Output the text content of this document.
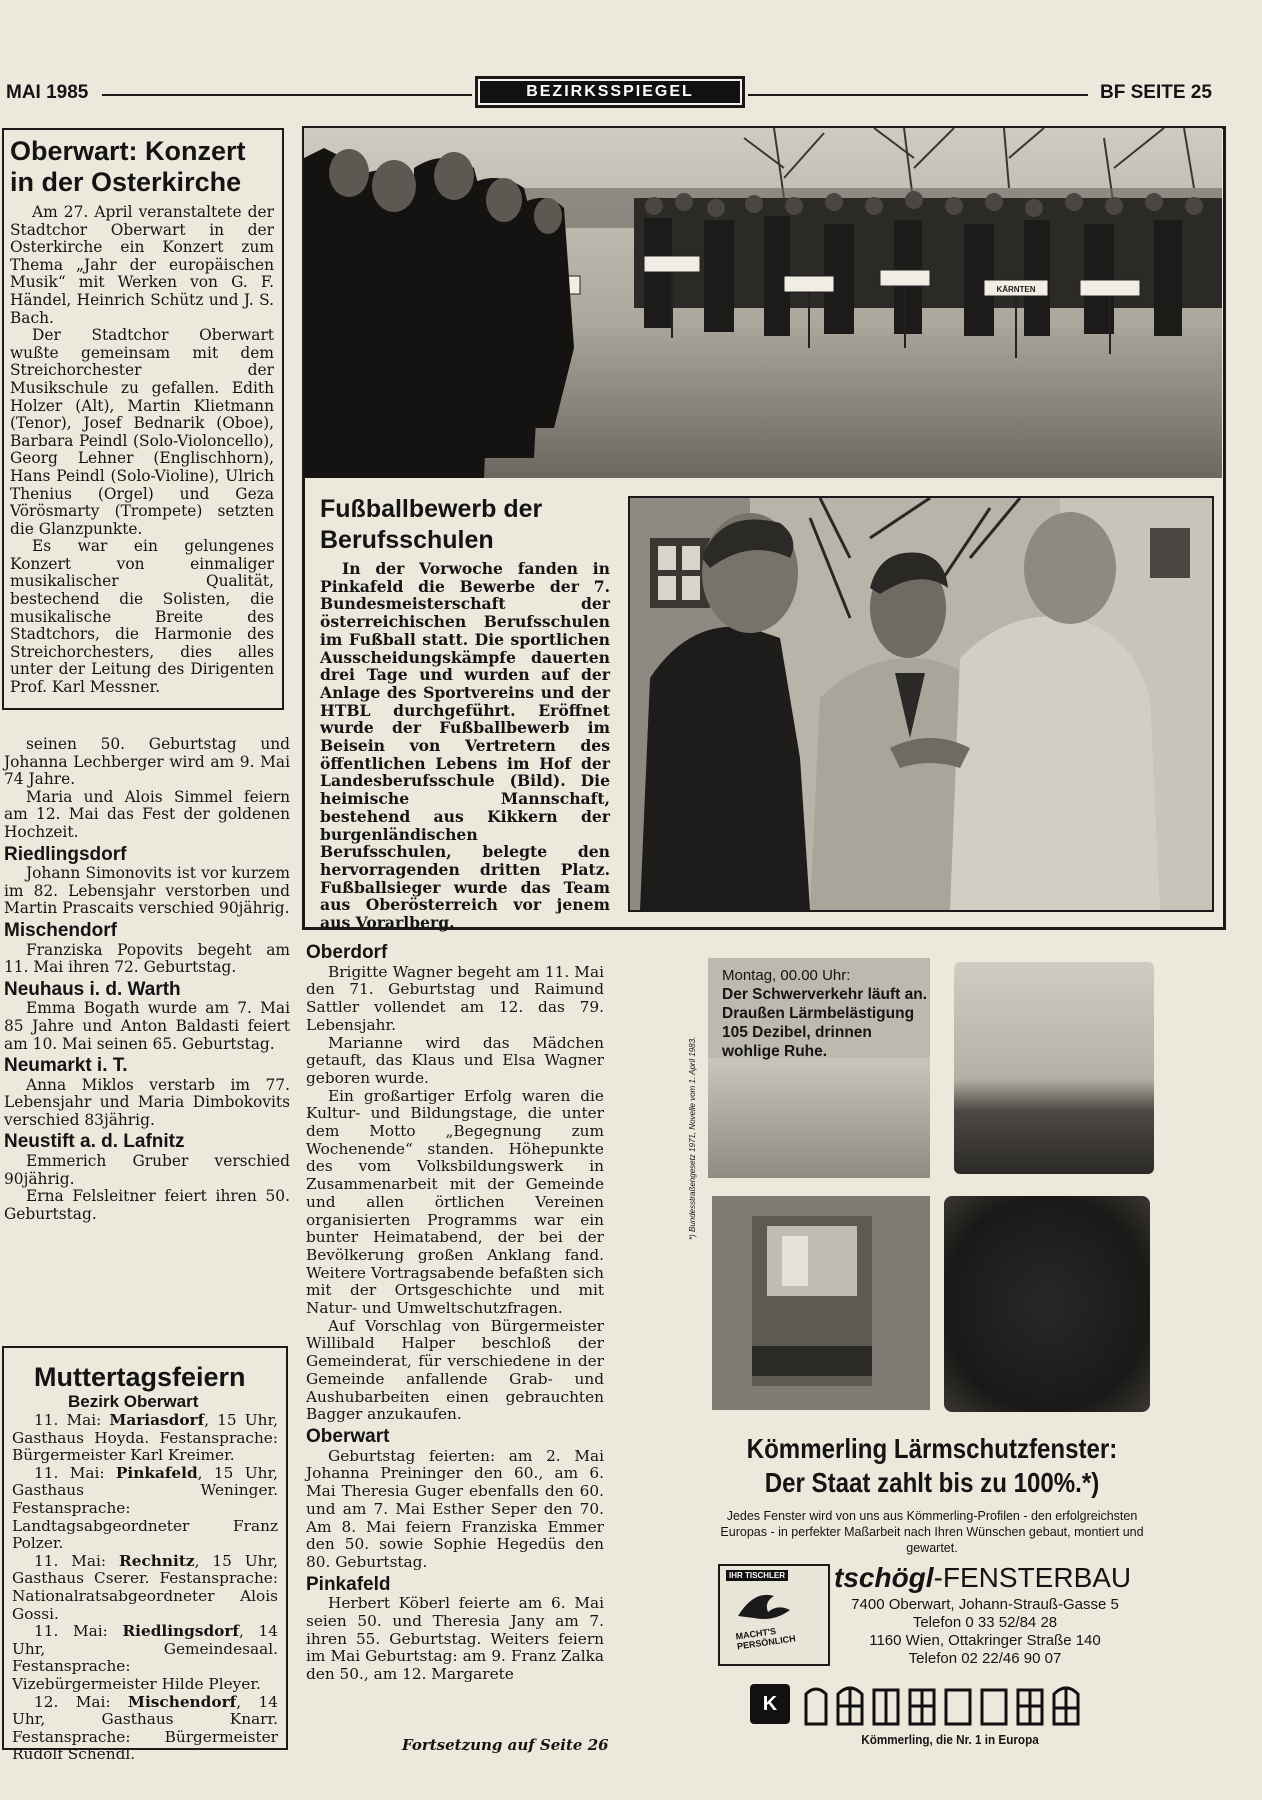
MAI 1985	BEZIRKSSPIEGEL	BF SEITE 25
Oberwart: Konzert
in der Osterkirche

Am 27. April veranstaltete der Stadtchor Oberwart in der Osterkirche ein Konzert zum Thema „Jahr der europäischen Musik“ mit Werken von G. F. Händel, Heinrich Schütz und J. S. Bach.

Der Stadtchor Oberwart wußte gemeinsam mit dem Streichorchester der Musikschule zu gefallen. Edith Holzer (Alt), Martin Klietmann (Tenor), Josef Bednarik (Oboe), Barbara Peindl (Solo-Violoncello), Georg Lehner (Englischhorn), Hans Peindl (Solo-Violine), Ulrich Thenius (Orgel) und Geza Vörösmarty (Trompete) setzten die Glanzpunkte.

Es war ein gelungenes Konzert von einmaliger musikalischer Qualität, bestechend die Solisten, die musikalische Breite des Stadtchors, die Harmonie des Streichorchesters, dies alles unter der Leitung des Dirigenten Prof. Karl Messner.

seinen 50. Geburtstag und Johanna Lechberger wird am 9. Mai 74 Jahre.

Maria und Alois Simmel feiern am 12. Mai das Fest der goldenen Hochzeit.

Riedlingsdorf

Johann Simonovits ist vor kurzem im 82. Lebensjahr verstorben und Martin Prascaits verschied 90jährig.

Mischendorf

Franziska Popovits begeht am 11. Mai ihren 72. Geburtstag.

Neuhaus i. d. Warth

Emma Bogath wurde am 7. Mai 85 Jahre und Anton Baldasti feiert am 10. Mai seinen 65. Geburtstag.

Neumarkt i. T.

Anna Miklos verstarb im 77. Lebensjahr und Maria Dimbokovits verschied 83jährig.

Neustift a. d. Lafnitz

Emmerich Gruber verschied 90jährig.

Erna Felsleitner feiert ihren 50. Geburtstag.

Muttertagsfeiern
Bezirk Oberwart

11. Mai: Mariasdorf, 15 Uhr, Gasthaus Hoyda. Festansprache: Bürgermeister Karl Kreimer.

11. Mai: Pinkafeld, 15 Uhr, Gasthaus Weninger. Festansprache: Landtagsabgeordneter Franz Polzer.

11. Mai: Rechnitz, 15 Uhr, Gasthaus Cserer. Festansprache: Nationalratsabgeordneter Alois Gossi.

11. Mai: Riedlingsdorf, 14 Uhr, Gemeindesaal. Festansprache: Vizebürgermeister Hilde Pleyer.

12. Mai: Mischendorf, 14 Uhr, Gasthaus Knarr. Festansprache: Bürgermeister Rudolf Schendl.

KÄRNTEN
Fußballbewerb der
Berufsschulen

In der Vorwoche fanden in Pinkafeld die Bewerbe der 7. Bundesmeisterschaft der österreichischen Berufsschulen im Fußball statt. Die sportlichen Ausscheidungskämpfe dauerten drei Tage und wurden auf der Anlage des Sportvereins und der HTBL durchgeführt. Eröffnet wurde der Fußballbewerb im Beisein von Vertretern des öffentlichen Lebens im Hof der Landesberufsschule (Bild). Die heimische Mannschaft, bestehend aus Kikkern der burgenländischen Berufsschulen, belegte den hervorragenden dritten Platz. Fußballsieger wurde das Team aus Oberösterreich vor jenem aus Vorarlberg.

Oberdorf

Brigitte Wagner begeht am 11. Mai den 71. Geburtstag und Raimund Sattler vollendet am 12. das 79. Lebensjahr.

Marianne wird das Mädchen getauft, das Klaus und Elsa Wagner geboren wurde.

Ein großartiger Erfolg waren die Kultur- und Bildungstage, die unter dem Motto „Begegnung zum Wochenende“ standen. Höhepunkte des vom Volksbildungswerk in Zusammenarbeit mit der Gemeinde und allen örtlichen Vereinen organisierten Programms war ein bunter Heimatabend, der bei der Bevölkerung großen Anklang fand. Weitere Vortragsabende befaßten sich mit der Ortsgeschichte und mit Natur- und Umweltschutzfragen.

Auf Vorschlag von Bürgermeister Willibald Halper beschloß der Gemeinderat, für verschiedene in der Gemeinde anfallende Grab- und Aushubarbeiten einen gebrauchten Bagger anzukaufen.

Oberwart

Geburtstag feierten: am 2. Mai Johanna Preininger den 60., am 6. Mai Theresia Guger ebenfalls den 60. und am 7. Mai Esther Seper den 70. Am 8. Mai feiern Franziska Emmer den 50. sowie Sophie Hegedüs den 80. Geburtstag.

Pinkafeld

Herbert Köberl feierte am 6. Mai seien 50. und Theresia Jany am 7. ihren 55. Geburtstag. Weiters feiern im Mai Geburtstag: am 9. Franz Zalka den 50., am 12. Margarete

Fortsetzung auf Seite 26
*) Bundesstraßengesetz 1971, Novelle vom 1. April 1983.
Montag, 00.00 Uhr:
Der Schwerverkehr läuft an. Draußen Lärmbelästigung 105 Dezibel, drinnen wohlige Ruhe.
Kömmerling Lärmschutzfenster:
Der Staat zahlt bis zu 100%.*)
Jedes Fenster wird von uns aus Kömmerling-Profilen - den erfolgreichsten Europas - in perfekter Maßarbeit nach Ihren Wünschen gebaut, montiert und gewartet.
IHR TISCHLER
MACHT'S PERSÖNLICH
tschögl-FENSTERBAU
7400 Oberwart, Johann-Strauß-Gasse 5
Telefon 0 33 52/84 28
1160 Wien, Ottakringer Straße 140
Telefon 02 22/46 90 07
K
Kömmerling, die Nr. 1 in Europa
